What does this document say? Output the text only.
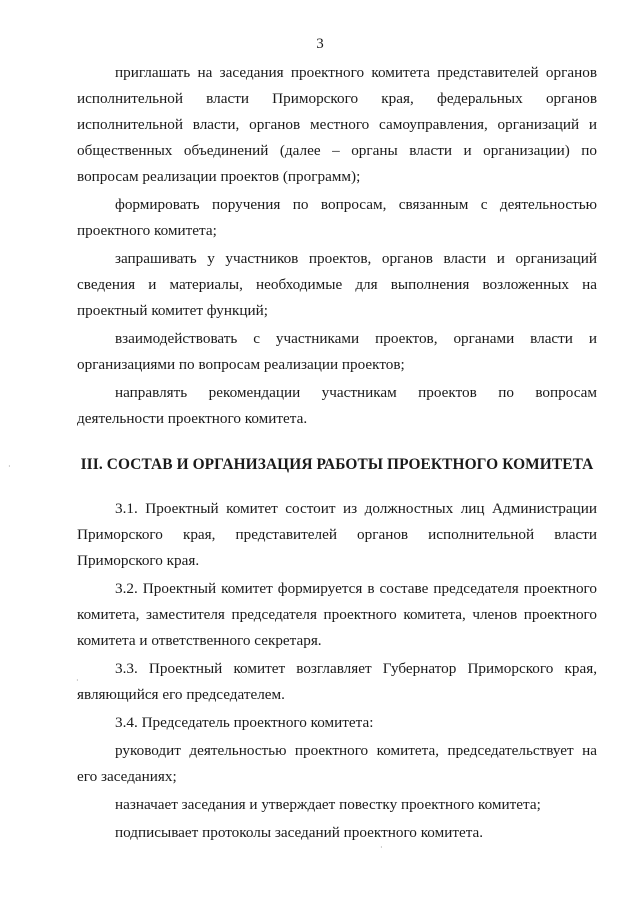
3

приглашать на заседания проектного комитета представителей органов исполнительной власти Приморского края, федеральных органов исполнительной власти, органов местного самоуправления, организаций и общественных объединений (далее – органы власти и организации) по вопросам реализации проектов (программ);

формировать поручения по вопросам, связанным с деятельностью проектного комитета;

запрашивать у участников проектов, органов власти и организаций сведения и материалы, необходимые для выполнения возложенных на проектный комитет функций;

взаимодействовать с участниками проектов, органами власти и организациями по вопросам реализации проектов;

направлять рекомендации участникам проектов по вопросам деятельности проектного комитета.

III. СОСТАВ И ОРГАНИЗАЦИЯ РАБОТЫ ПРОЕКТНОГО КОМИТЕТА

3.1. Проектный комитет состоит из должностных лиц Администрации Приморского края, представителей органов исполнительной власти Приморского края.

3.2. Проектный комитет формируется в составе председателя проектного комитета, заместителя председателя проектного комитета, членов проектного комитета и ответственного секретаря.

3.3. Проектный комитет возглавляет Губернатор Приморского края, являющийся его председателем.

3.4. Председатель проектного комитета:

руководит деятельностью проектного комитета, председательствует на его заседаниях;

назначает заседания и утверждает повестку проектного комитета;

подписывает протоколы заседаний проектного комитета.

·
·
·
